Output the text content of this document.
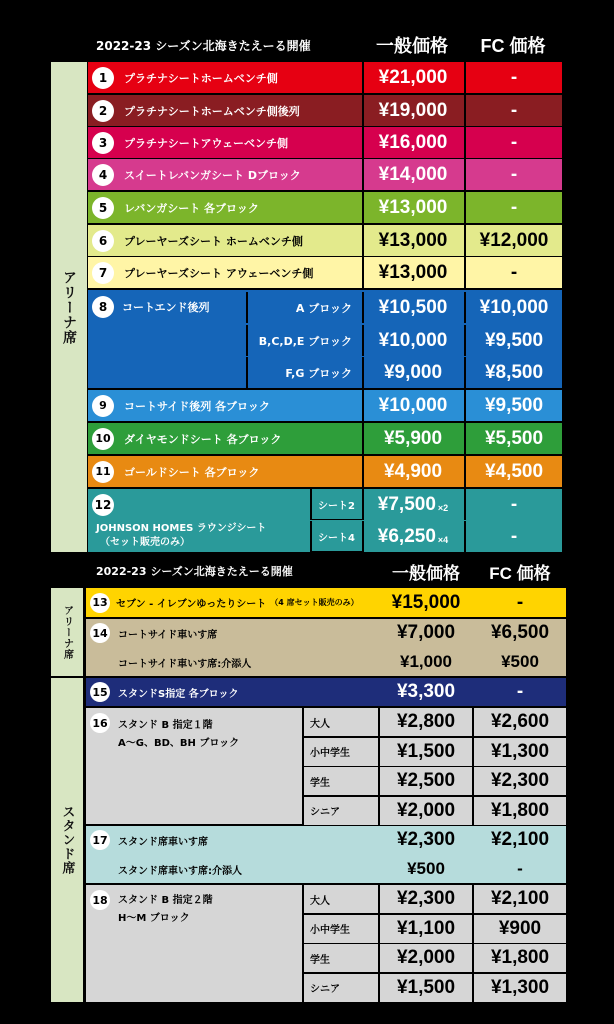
2022-23 シーズン北海きたえーる開催	一般価格	FC 価格
アリーナ席
1	プラチナシートホームベンチ側	¥21,000	-
2	プラチナシートホームベンチ側後列	¥19,000	-
3	プラチナシートアウェーベンチ側	¥16,000	-
4	スイートレバンガシート Dブロック	¥14,000	-
5	レバンガシート 各ブロック	¥13,000	-
6	プレーヤーズシート ホームベンチ側	¥13,000	¥12,000
7	プレーヤーズシート アウェーベンチ側	¥13,000	-
8	コートエンド後列	A ブロック	¥10,500	¥10,000
B,C,D,E ブロック	¥10,000	¥9,500
F,G ブロック	¥9,000	¥8,500
9	コートサイド後列 各ブロック	¥10,000	¥9,500
10	ダイヤモンドシート 各ブロック	¥5,900	¥5,500
11	ゴールドシート 各ブロック	¥4,900	¥4,500
12
JOHNSON HOMES ラウンジシート
（セット販売のみ）
シート2 ¥7,500 ×2	-
シート4 ¥6,250 ×4	-
2022-23 シーズン北海きたえーる開催	一般価格	FC 価格
アリーナ席
スタンド席
13 セブン - イレブンゆったりシート （4 席セット販売のみ）	¥15,000	-
14 コートサイド車いす席	¥7,000	¥6,500
コートサイド車いす席:介添人	¥1,000	¥500
15 スタンドS指定 各ブロック	¥3,300	-
16 スタンド B 指定１階
A～G、BD、BH ブロック
大人	¥2,800	¥2,600
小中学生	¥1,500	¥1,300
学生	¥2,500	¥2,300
シニア	¥2,000	¥1,800
17 スタンド席車いす席	¥2,300	¥2,100
スタンド席車いす席:介添人	¥500	-
18 スタンド B 指定２階
H～M ブロック
大人	¥2,300	¥2,100
小中学生	¥1,100	¥900
学生	¥2,000	¥1,800
シニア	¥1,500	¥1,300
